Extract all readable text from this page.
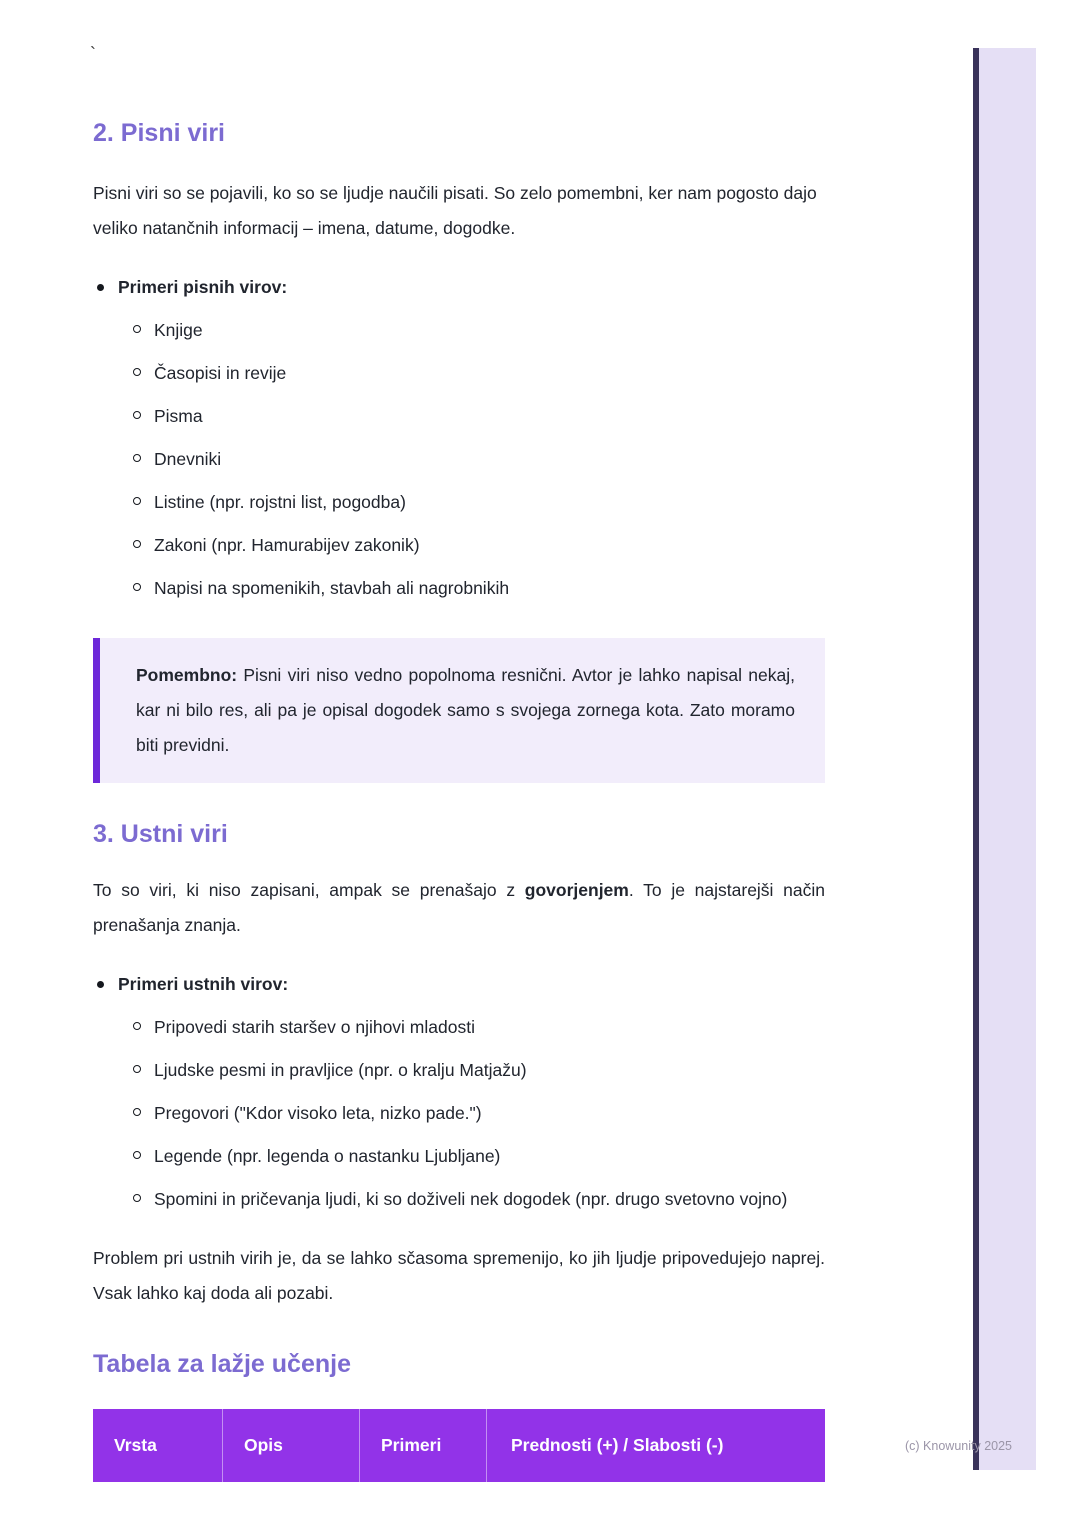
`
2. Pisni viri

Pisni viri so se pojavili, ko so se ljudje naučili pisati. So zelo pomembni, ker nam pogosto dajo veliko natančnih informacij – imena, datume, dogodke.

Primeri pisnih virov:
Knjige
Časopisi in revije
Pisma
Dnevniki
Listine (npr. rojstni list, pogodba)
Zakoni (npr. Hamurabijev zakonik)
Napisi na spomenikih, stavbah ali nagrobnikih

Pomembno: Pisni viri niso vedno popolnoma resnični. Avtor je lahko napisal nekaj, kar ni bilo res, ali pa je opisal dogodek samo s svojega zornega kota. Zato moramo biti previdni.

3. Ustni viri

To so viri, ki niso zapisani, ampak se prenašajo z govorjenjem. To je najstarejši način prenašanja znanja.

Primeri ustnih virov:
Pripovedi starih staršev o njihovi mladosti
Ljudske pesmi in pravljice (npr. o kralju Matjažu)
Pregovori ("Kdor visoko leta, nizko pade.")
Legende (npr. legenda o nastanku Ljubljane)
Spomini in pričevanja ljudi, ki so doživeli nek dogodek (npr. drugo svetovno vojno)

Problem pri ustnih virih je, da se lahko sčasoma spremenijo, ko jih ljudje pripovedujejo naprej. Vsak lahko kaj doda ali pozabi.

Tabela za lažje učenje
Vrsta	Opis	Primeri	Prednosti (+) / Slabosti (-)	(c) Knowunity 2025
